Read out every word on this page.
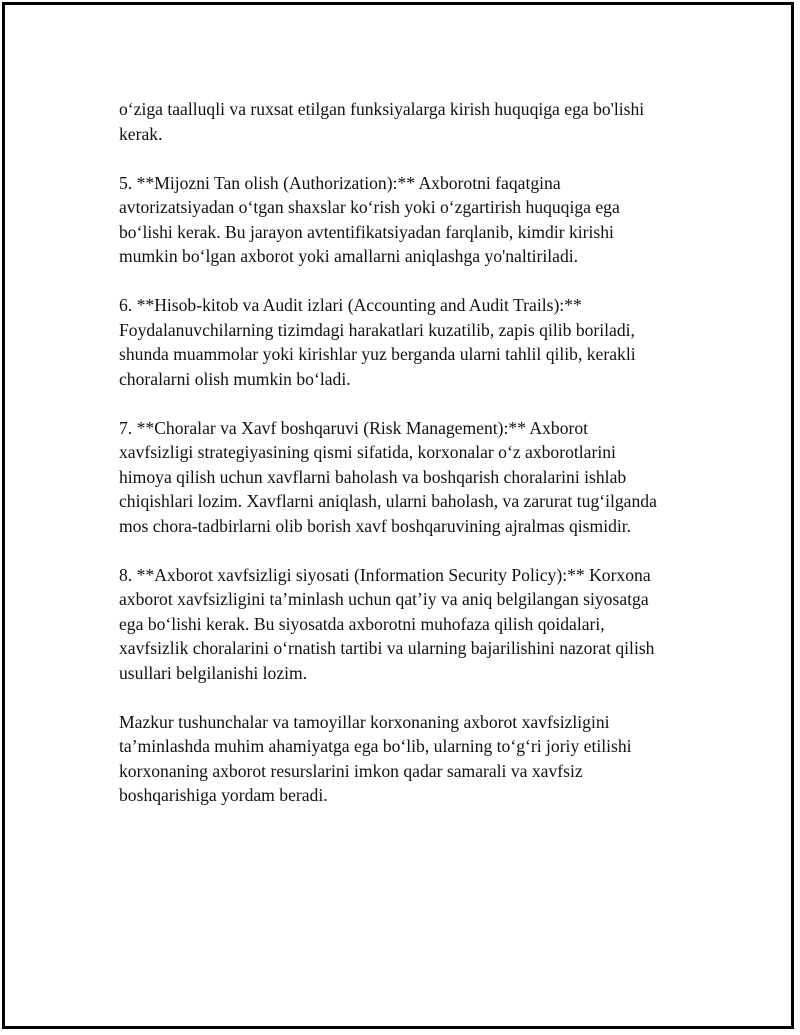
o‘ziga taalluqli va ruxsat etilgan funksiyalarga kirish huquqiga ega bo'lishi
kerak.

5. **Mijozni Tan olish (Authorization):** Axborotni faqatgina
avtorizatsiyadan o‘tgan shaxslar ko‘rish yoki o‘zgartirish huquqiga ega
bo‘lishi kerak. Bu jarayon avtentifikatsiyadan farqlanib, kimdir kirishi
mumkin bo‘lgan axborot yoki amallarni aniqlashga yo'naltiriladi.

6. **Hisob-kitob va Audit izlari (Accounting and Audit Trails):**
Foydalanuvchilarning tizimdagi harakatlari kuzatilib, zapis qilib boriladi,
shunda muammolar yoki kirishlar yuz berganda ularni tahlil qilib, kerakli
choralarni olish mumkin bo‘ladi.

7. **Choralar va Xavf boshqaruvi (Risk Management):** Axborot
xavfsizligi strategiyasining qismi sifatida, korxonalar o‘z axborotlarini
himoya qilish uchun xavflarni baholash va boshqarish choralarini ishlab
chiqishlari lozim. Xavflarni aniqlash, ularni baholash, va zarurat tug‘ilganda
mos chora-tadbirlarni olib borish xavf boshqaruvining ajralmas qismidir.

8. **Axborot xavfsizligi siyosati (Information Security Policy):** Korxona
axborot xavfsizligini ta’minlash uchun qat’iy va aniq belgilangan siyosatga
ega bo‘lishi kerak. Bu siyosatda axborotni muhofaza qilish qoidalari,
xavfsizlik choralarini o‘rnatish tartibi va ularning bajarilishini nazorat qilish
usullari belgilanishi lozim.

Mazkur tushunchalar va tamoyillar korxonaning axborot xavfsizligini
ta’minlashda muhim ahamiyatga ega bo‘lib, ularning to‘g‘ri joriy etilishi
korxonaning axborot resurslarini imkon qadar samarali va xavfsiz
boshqarishiga yordam beradi.
